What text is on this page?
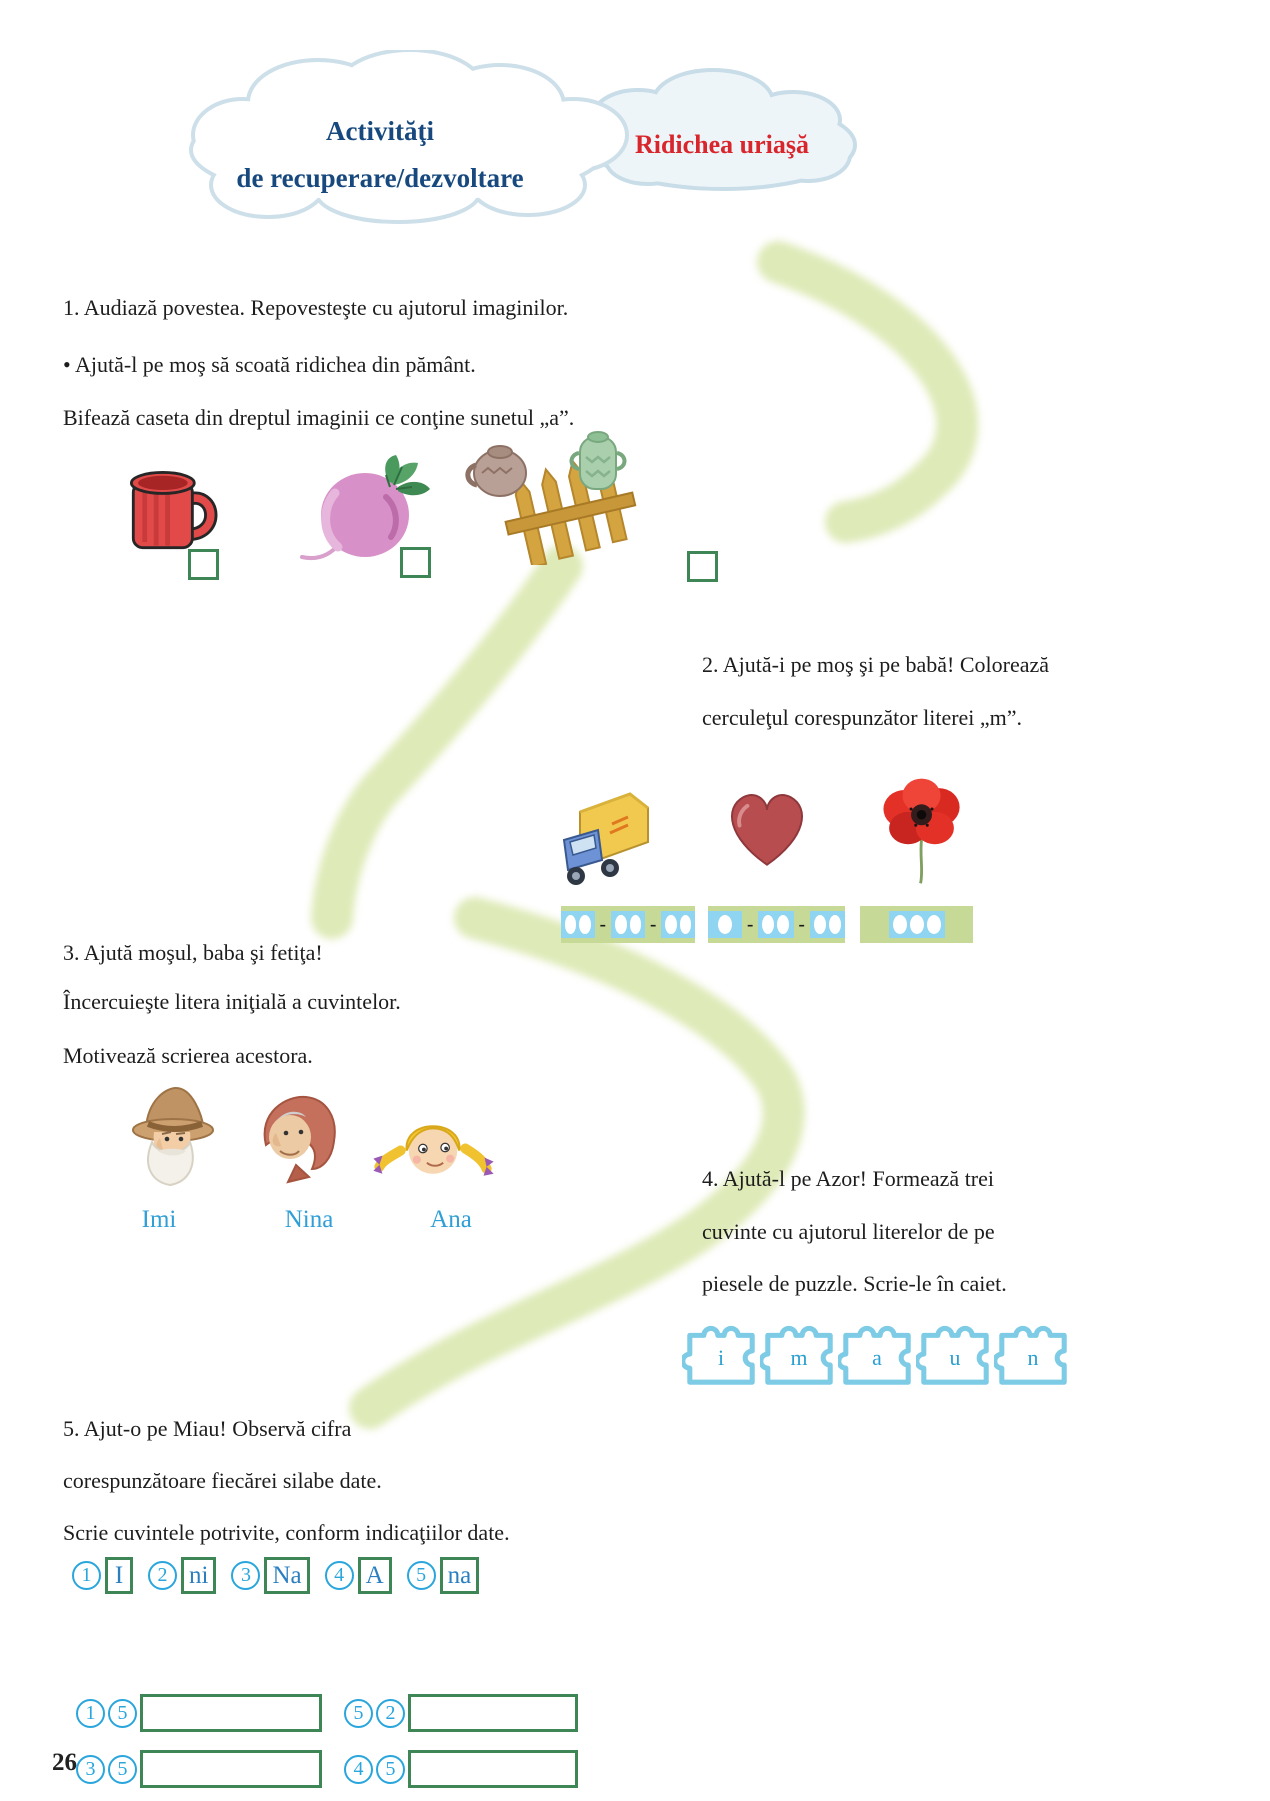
Activităţi
de recuperare/dezvoltare
Ridichea uriaşă
1. Audiază povestea. Repovesteşte cu ajutorul imaginilor.
• Ajută-l pe moş să scoată ridichea din pământ.
Bifează caseta din dreptul imaginii ce conţine sunetul „a”.
2. Ajută-i pe moş şi pe babă! Colorează
cerculeţul corespunzător literei „m”.
- -	- -
3. Ajută moşul, baba şi fetiţa!
Încercuieşte litera iniţială a cuvintelor.
Motivează scrierea acestora.
Imi	Nina	Ana
4. Ajută-l pe Azor! Formează trei
cuvinte cu ajutorul literelor de pe
piesele de puzzle. Scrie-le în caiet.
i m a u n
5. Ajut-o pe Miau! Observă cifra
corespunzătoare fiecărei silabe date.
Scrie cuvintele potrivite, conform indicaţiilor date.
1 I	2 ni	3 Na	4 A	5 na
1	5	5	2
3	5	4	5
26
